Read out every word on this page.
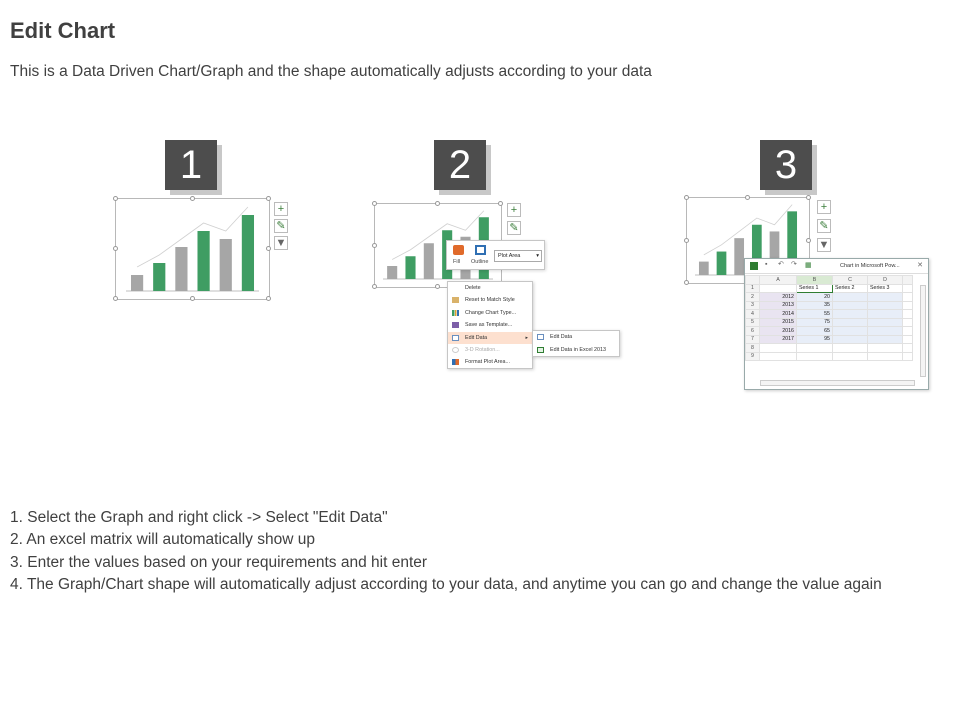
Edit Chart
This is a Data Driven Chart/Graph and the shape automatically adjusts according to your data
1
+
✎
▼
2
+
✎
Fill Outline
Plot Area	▾
Delete
Reset to Match Style
Change Chart Type...
Save as Template...
Edit Data	▸
3-D Rotation...
Format Plot Area...
Edit Data
Edit Data in Excel 2013
3
+
✎
▼
▪ ↶ ↷ ▦	Chart in Microsoft Pow...	✕
	A	B	C	D	
1		Series 1	Series 2	Series 3	
2	2012	20			
3	2013	35			
4	2014	55			
5	2015	75			
6	2016	65			
7	2017	95			
8					
9					
1. Select the Graph and right click -> Select "Edit Data"
2. An excel matrix will automatically show up
3. Enter the values based on your requirements and hit enter
4. The Graph/Chart shape will automatically adjust according to your data, and anytime you can go and change the value again
